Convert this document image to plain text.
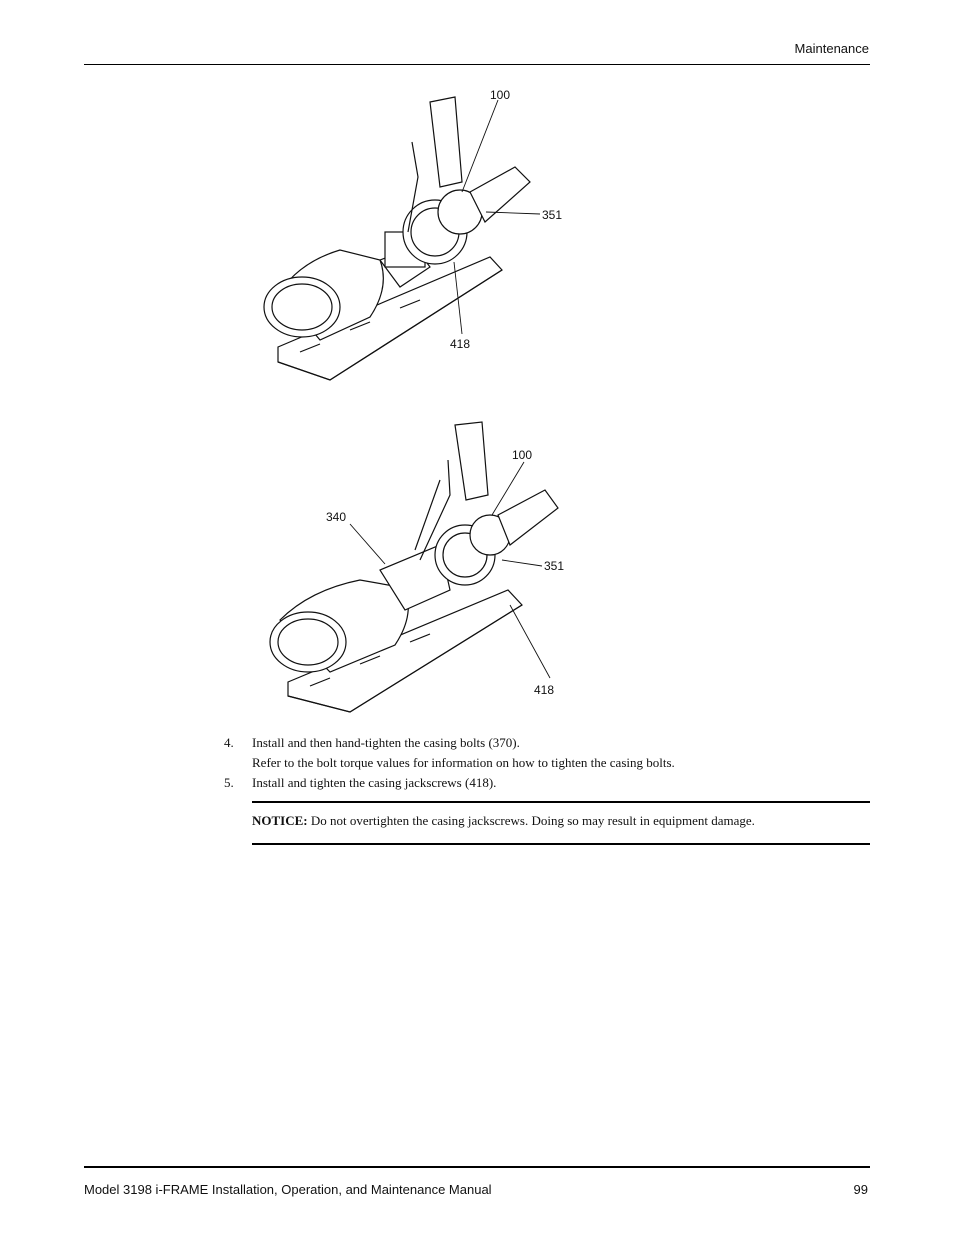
Maintenance
100
351
418
100
340
351
418
4.	Install and then hand-tighten the casing bolts (370).
Refer to the bolt torque values for information on how to tighten the casing bolts.
5.	Install and tighten the casing jackscrews (418).
NOTICE: Do not overtighten the casing jackscrews. Doing so may result in equipment damage.
Model 3198 i-FRAME Installation, Operation, and Maintenance Manual	99
